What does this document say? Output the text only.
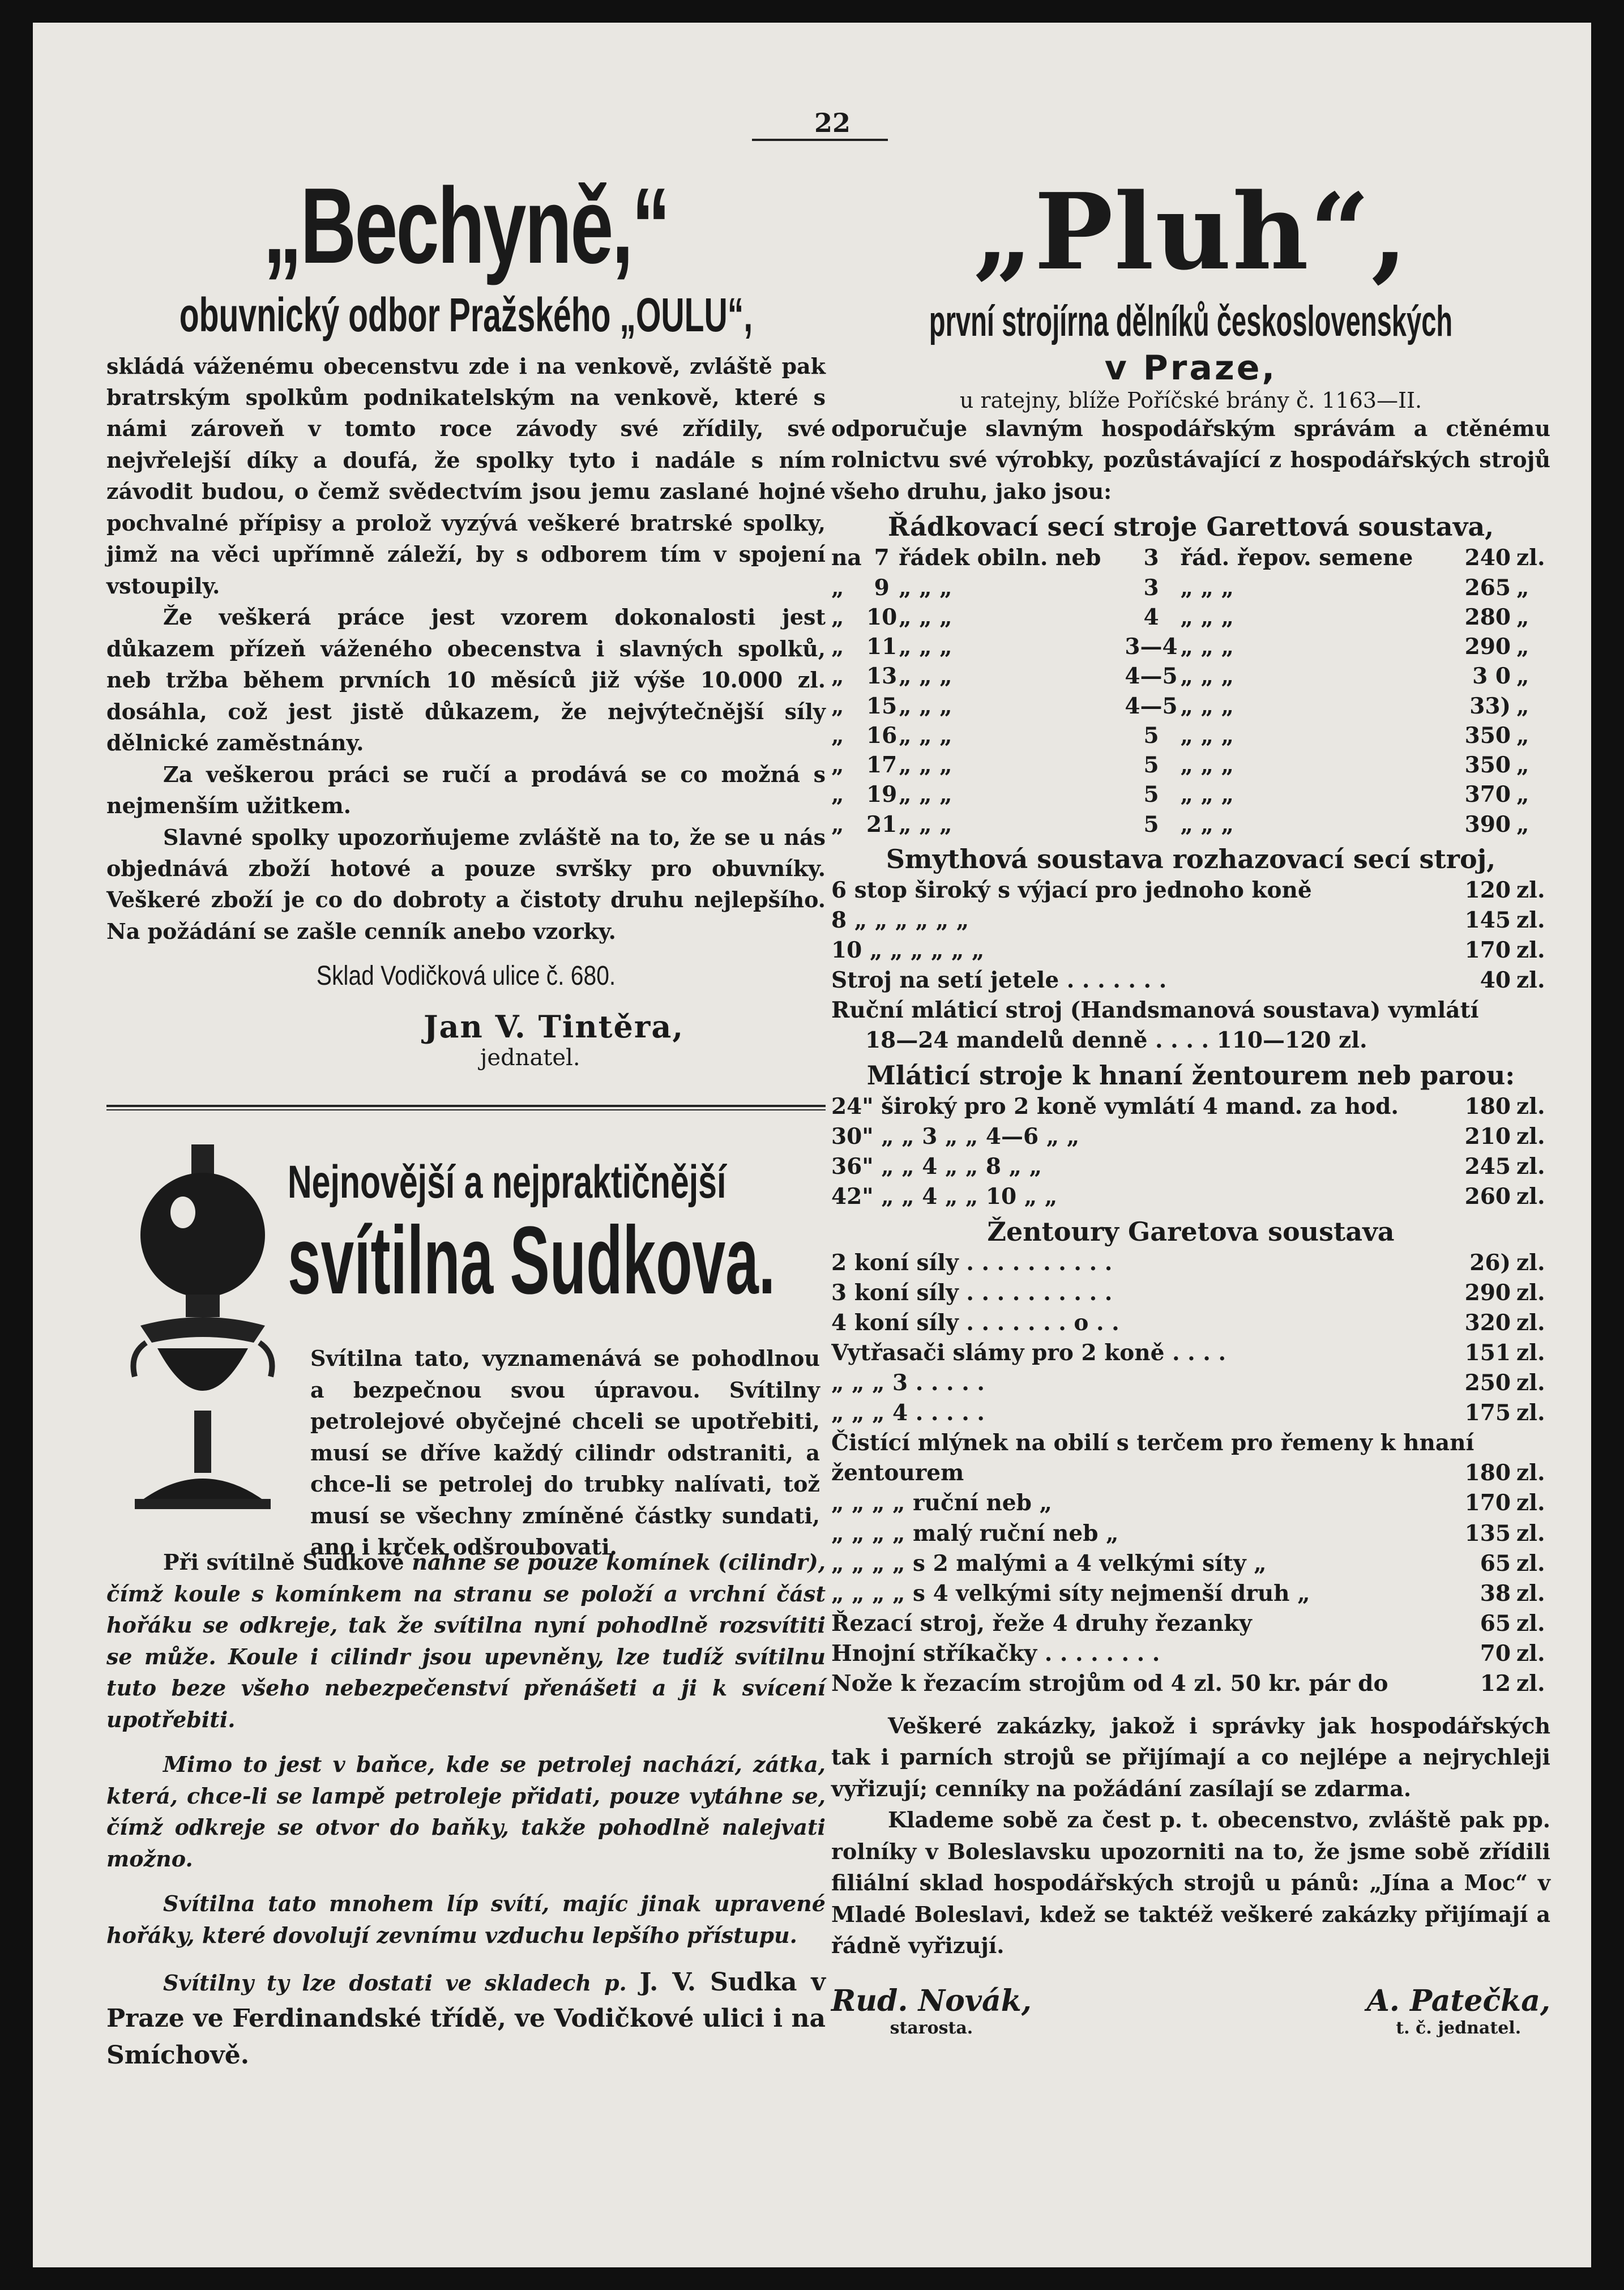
22
„Bechyně,“
obuvnický odbor Pražského „OULU“,

skládá váženému obecenstvu zde i na venkově, zvláště pak bratrským spolkům podnikatelským na venkově, které s námi zároveň v tomto roce závody své zřídily, své nejvřelejší díky a doufá, že spolky tyto i nadále s ním závodit budou, o čemž svědectvím jsou jemu zaslané hojné pochvalné přípisy a prolož vyzývá veškeré bratrské spolky, jimž na věci upřímně záleží, by s odborem tím v spojení vstoupily.

Že veškerá práce jest vzorem dokonalosti jest důkazem přízeň váženého obecenstva i slavných spolků, neb tržba během prvních 10 měsíců již výše 10.000 zl. dosáhla, což jest jistě důkazem, že nejvýtečnější síly dělnické zaměstnány.

Za veškerou práci se ručí a prodává se co možná s nejmenším užitkem.

Slavné spolky upozorňujeme zvláště na to, že se u nás objednává zboží hotové a pouze svršky pro obuvníky. Veškeré zboží je co do dobroty a čistoty druhu nejlepšího. Na požádání se zašle cenník anebo vzorky.

Sklad Vodičková ulice č. 680.
Jan V. Tintěra,
jednatel.
Nejnovější a nejpraktičnější
svítilna Sudkova.
Svítilna tato, vyznamenává se pohodlnou a bezpečnou svou úpravou. Svítilny petrolejové obyčejné chceli se upotřebiti, musí se dříve každý cilindr odstraniti, a chce-li se petrolej do trubky nalívati, tož musí se všechny zmíněné částky sundati, ano i krček odšroubovati.

Při svítilně Sudkově nahne se pouze komínek (cilindr), čímž koule s komínkem na stranu se položí a vrchní část hořáku se odkreje, tak že svítilna nyní pohodlně rozsvítiti se může. Koule i cilindr jsou upevněny, lze tudíž svítilnu tuto beze všeho nebezpečenství přenášeti a ji k svícení upotřebiti.

Mimo to jest v baňce, kde se petrolej nachází, zátka, která, chce-li se lampě petroleje přidati, pouze vytáhne se, čímž odkreje se otvor do baňky, takže pohodlně nalejvati možno.

Svítilna tato mnohem líp svítí, majíc jinak upravené hořáky, které dovolují zevnímu vzduchu lepšího přístupu.

Svítilny ty lze dostati ve skladech p. J. V. Sudka v Praze ve Ferdinandské třídě, ve Vodičkové ulici i na Smíchově.

„Pluh“,
první strojírna dělníků československých
v Praze,
u ratejny, blíže Poříčské brány č. 1163—II.
odporučuje slavným hospodářským správám a ctěnému rolnictvu své výrobky, pozůstávající z hospodářských strojů všeho druhu, jako jsou:
Řádkovací secí stroje Garettová soustava,
na	7	řádek obiln. neb	3	řád. řepov. semene	240	zl.
„	9	„ „ „	3	„ „ „	265	„
„	10	„ „ „	4	„ „ „	280	„
„	11	„ „ „	3—4	„ „ „	290	„
„	13	„ „ „	4—5	„ „ „	3 0	„
„	15	„ „ „	4—5	„ „ „	33)	„
„	16	„ „ „	5	„ „ „	350	„
„	17	„ „ „	5	„ „ „	350	„
„	19	„ „ „	5	„ „ „	370	„
„	21	„ „ „	5	„ „ „	390	„
Smythová soustava rozhazovací secí stroj,
6 stop široký s výjací pro jednoho koně	120 zl.
8 „ „ „ „ „ „	145 zl.
10 „ „ „ „ „ „	170 zl.
Stroj na setí jetele . . . . . . .	40 zl.
Ruční mláticí stroj (Handsmanová soustava) vymlátí
18—24 mandelů denně . . . . 110—120 zl.
Mláticí stroje k hnaní žentourem neb parou:
24" široký pro 2 koně vymlátí 4 mand. za hod.	180 zl.
30" „ „ 3 „ „ 4—6 „ „	210 zl.
36" „ „ 4 „ „ 8 „ „	245 zl.
42" „ „ 4 „ „ 10 „ „	260 zl.
Žentoury Garetova soustava
2 koní síly . . . . . . . . . .	26) zl.
3 koní síly . . . . . . . . . .	290 zl.
4 koní síly . . . . . . . o . .	320 zl.
Vytřasači slámy pro 2 koně . . . .	151 zl.
„ „ „ 3 . . . . .	250 zl.
„ „ „ 4 . . . . .	175 zl.
Čistící mlýnek na obilí s terčem pro řemeny k hnaní
žentourem	180 zl.
„ „ „ „ ruční neb „	170 zl.
„ „ „ „ malý ruční neb „	135 zl.
„ „ „ „ s 2 malými a 4 velkými síty „	65 zl.
„ „ „ „ s 4 velkými síty nejmenší druh „	38 zl.
Řezací stroj, řeže 4 druhy řezanky	65 zl.
Hnojní stříkačky . . . . . . . .	70 zl.
Nože k řezacím strojům od 4 zl. 50 kr. pár do	12 zl.

Veškeré zakázky, jakož i správky jak hospodářských tak i parních strojů se přijímají a co nejlépe a nejrychleji vyřizují; cenníky na požádání zasílají se zdarma.

Klademe sobě za čest p. t. obecenstvo, zvláště pak pp. rolníky v Boleslavsku upozorniti na to, že jsme sobě zřídili filiální sklad hospodářských strojů u pánů: „Jína a Moc“ v Mladé Boleslavi, kdež se taktéž veškeré zakázky přijímají a řádně vyřizují.

Rud. Novák,
starosta.
A. Patečka,
t. č. jednatel.
